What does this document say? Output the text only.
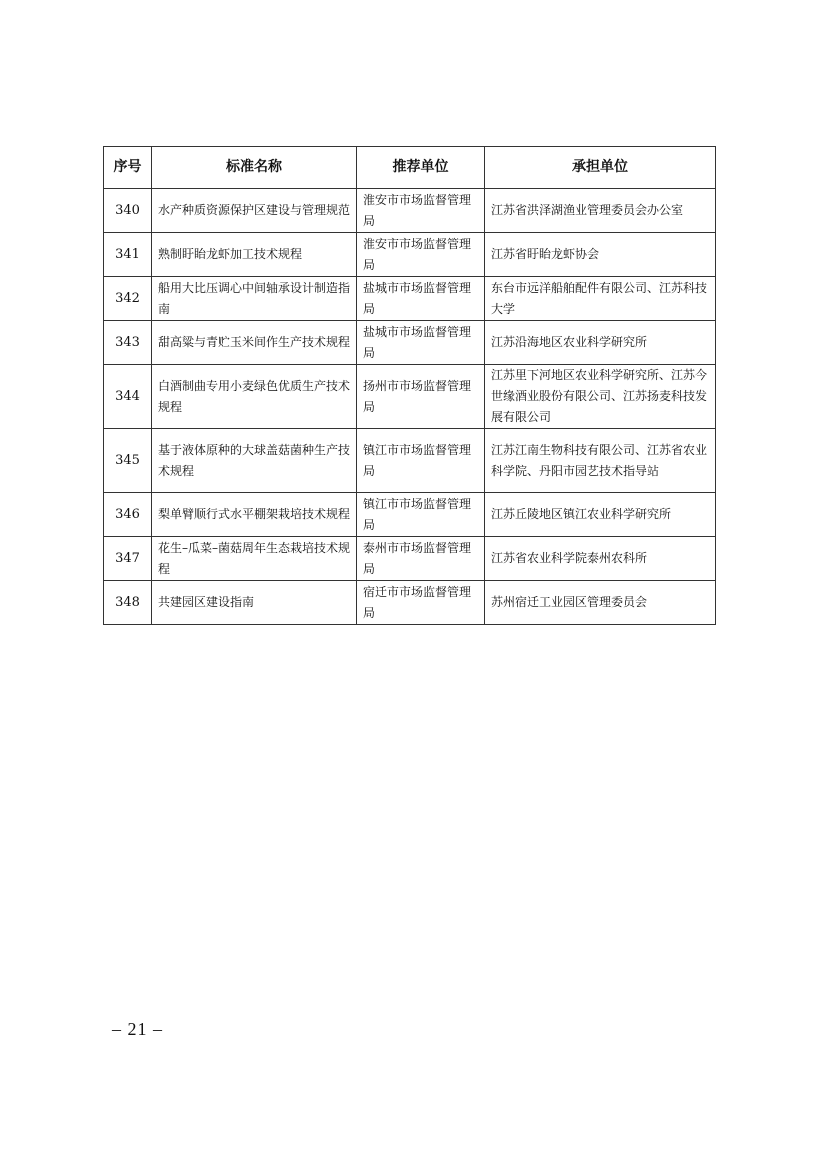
序号	标准名称	推荐单位	承担单位
340	水产种质资源保护区建设与管理规范	淮安市市场监督管理局	江苏省洪泽湖渔业管理委员会办公室
341	熟制盱眙龙虾加工技术规程	淮安市市场监督管理局	江苏省盱眙龙虾协会
342	船用大比压调心中间轴承设计制造指南	盐城市市场监督管理局	东台市远洋船舶配件有限公司、江苏科技大学
343	甜高粱与青贮玉米间作生产技术规程	盐城市市场监督管理局	江苏沿海地区农业科学研究所
344	白酒制曲专用小麦绿色优质生产技术规程	扬州市市场监督管理局	江苏里下河地区农业科学研究所、江苏今世缘酒业股份有限公司、江苏扬麦科技发展有限公司
345	基于液体原种的大球盖菇菌种生产技术规程	镇江市市场监督管理局	江苏江南生物科技有限公司、江苏省农业科学院、丹阳市园艺技术指导站
346	梨单臂顺行式水平棚架栽培技术规程	镇江市市场监督管理局	江苏丘陵地区镇江农业科学研究所
347	花生–瓜菜–菌菇周年生态栽培技术规程	泰州市市场监督管理局	江苏省农业科学院泰州农科所
348	共建园区建设指南	宿迁市市场监督管理局	苏州宿迁工业园区管理委员会
– 21 –
